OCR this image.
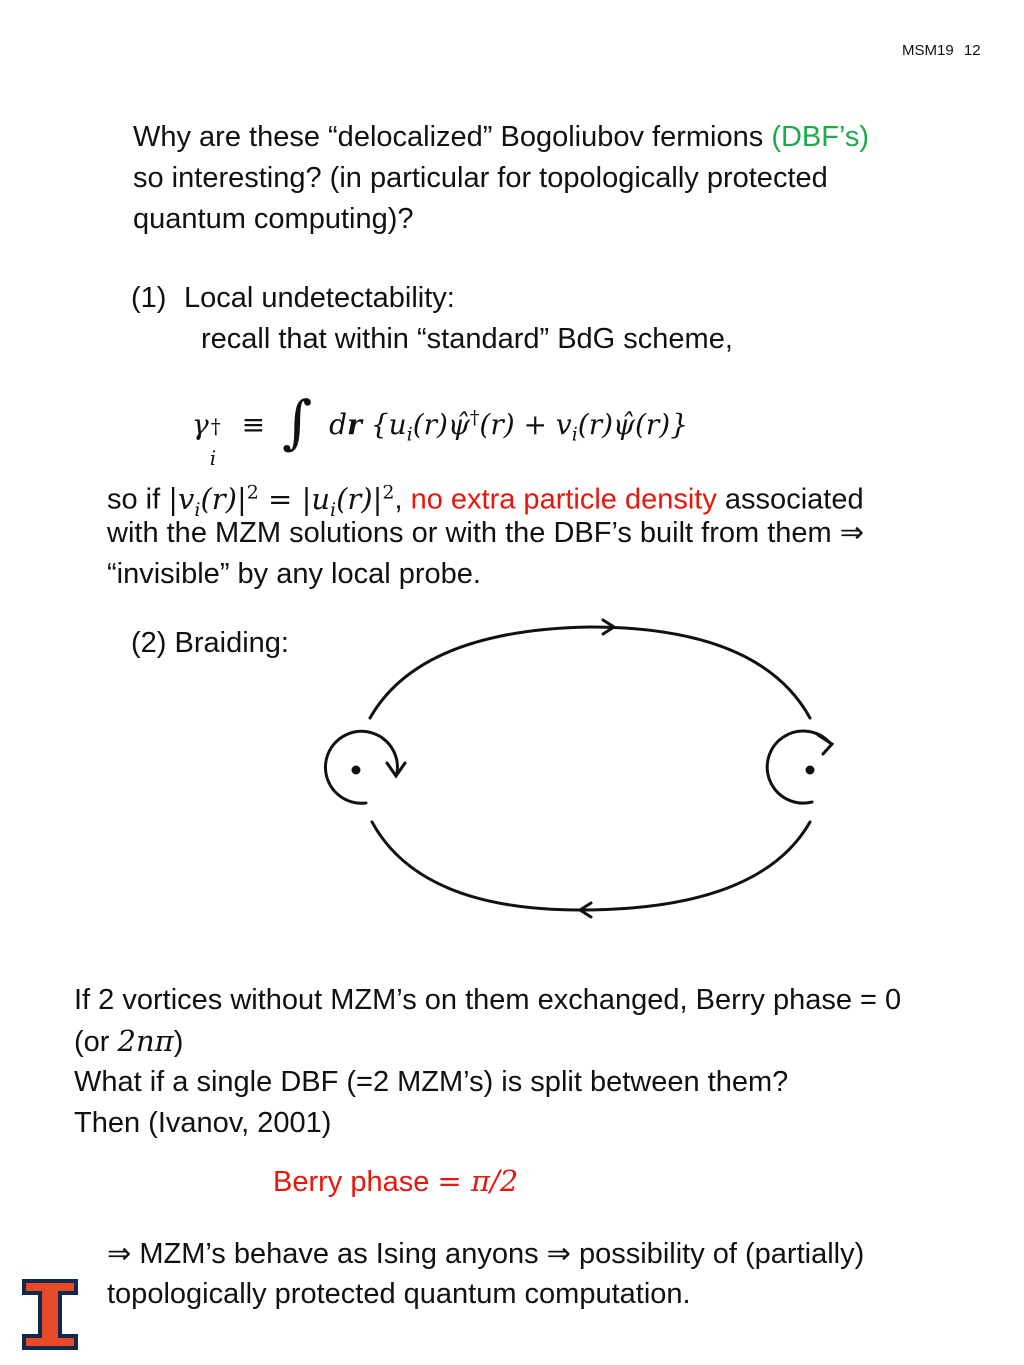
MSM19 12
Why are these “delocalized” Bogoliubov fermions (DBF’s)
so interesting? (in particular for topologically protected
quantum computing)?
(1) Local undetectability:
recall that within “standard” BdG scheme,
γ †
i
≡ ∫ dr {$u_i(r)\psî^\dagger(r)$ + $v_i(r)\psî(r)$}
so if $|v_i(r)|^2 = |u_i(r)|^2$, no extra particle density associated
with the MZM solutions or with the DBF’s built from them ⇒
“invisible” by any local probe.
(2) Braiding:
If 2 vortices without MZM’s on them exchanged, Berry phase = 0
(or 2nπ)
What if a single DBF (=2 MZM’s) is split between them?
Then (Ivanov, 2001)
Berry phase = π/2
⇒ MZM’s behave as Ising anyons ⇒ possibility of (partially)
topologically protected quantum computation.
